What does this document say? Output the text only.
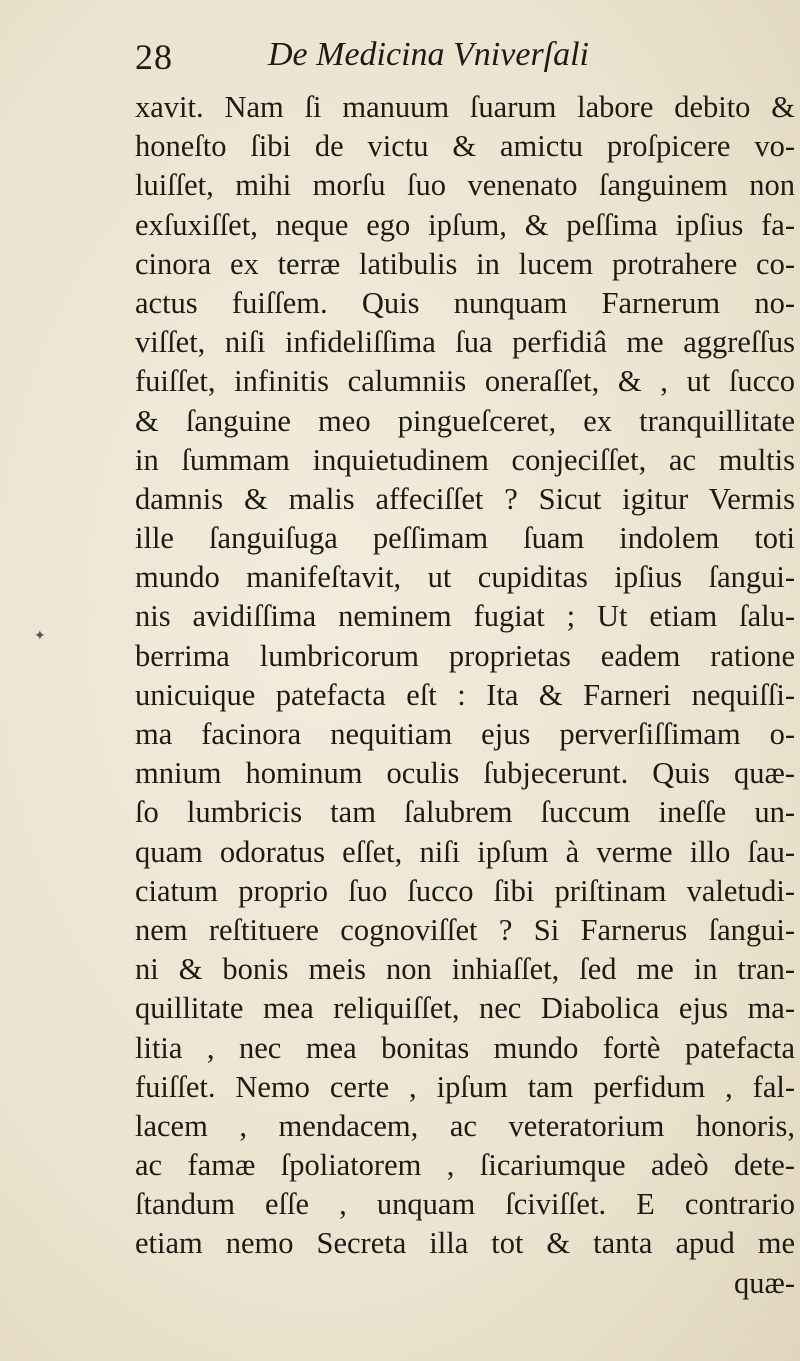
28	De Medicina Vniverſali
xavit. Nam ſi manuum ſuarum labore debito &
honeſto ſibi de victu & amictu proſpicere vo-
luiſſet, mihi morſu ſuo venenato ſanguinem non
exſuxiſſet, neque ego ipſum, & peſſima ipſius fa-
cinora ex terræ latibulis in lucem protrahere co-
actus fuiſſem. Quis nunquam Farnerum no-
viſſet, niſi infideliſſima ſua perfidiâ me aggreſſus
fuiſſet, infinitis calumniis oneraſſet, & , ut ſucco
& ſanguine meo pingueſceret, ex tranquillitate
in ſummam inquietudinem conjeciſſet, ac multis
damnis & malis affeciſſet ? Sicut igitur Vermis
ille ſanguiſuga peſſimam ſuam indolem toti
mundo manifeſtavit, ut cupiditas ipſius ſangui-
nis avidiſſima neminem fugiat ; Ut etiam ſalu-
berrima lumbricorum proprietas eadem ratione
unicuique patefacta eſt : Ita & Farneri nequiſſi-
ma facinora nequitiam ejus perverſiſſimam o-
mnium hominum oculis ſubjecerunt. Quis quæ-
ſo lumbricis tam ſalubrem ſuccum ineſſe un-
quam odoratus eſſet, niſi ipſum à verme illo ſau-
ciatum proprio ſuo ſucco ſibi priſtinam valetudi-
nem reſtituere cognoviſſet ? Si Farnerus ſangui-
ni & bonis meis non inhiaſſet, ſed me in tran-
quillitate mea reliquiſſet, nec Diabolica ejus ma-
litia , nec mea bonitas mundo fortè patefacta
fuiſſet. Nemo certe , ipſum tam perfidum , fal-
lacem , mendacem, ac veteratorium honoris,
ac famæ ſpoliatorem , ſicariumque adeò dete-
ſtandum eſſe , unquam ſciviſſet. E contrario
etiam nemo Secreta illa tot & tanta apud me
quæ-
✦
